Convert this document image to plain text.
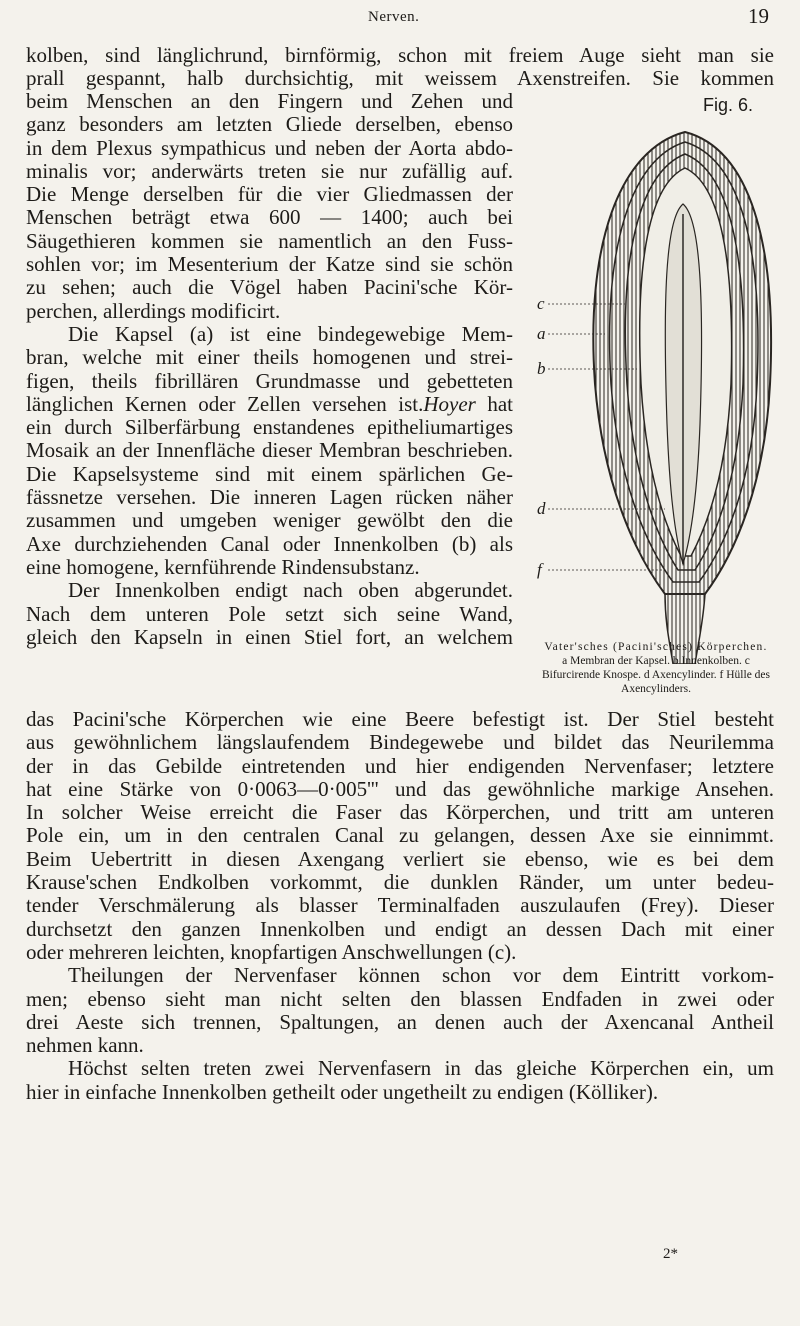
Nerven.	19

kolben, sind länglichrund, birnförmig, schon mit freiem Auge sieht man sie

prall gespannt, halb durchsichtig, mit weissem Axenstreifen. Sie kommen

beim Menschen an den Fingern und Zehen und

ganz besonders am letzten Gliede derselben, ebenso

in dem Plexus sympathicus und neben der Aorta abdo-

minalis vor; anderwärts treten sie nur zufällig auf.

Die Menge derselben für die vier Gliedmassen der

Menschen beträgt etwa 600 — 1400; auch bei

Säugethieren kommen sie namentlich an den Fuss-

sohlen vor; im Mesenterium der Katze sind sie schön

zu sehen; auch die Vögel haben Pacini'sche Kör-

perchen, allerdings modificirt.

Die Kapsel (a) ist eine bindegewebige Mem-

bran, welche mit einer theils homogenen und strei-

figen, theils fibrillären Grundmasse und gebetteten

länglichen Kernen oder Zellen versehen ist.Hoyer hat

ein durch Silberfärbung enstandenes epitheliumartiges

Mosaik an der Innenfläche dieser Membran beschrieben.

Die Kapselsysteme sind mit einem spärlichen Ge-

fässnetze versehen. Die inneren Lagen rücken näher

zusammen und umgeben weniger gewölbt den die

Axe durchziehenden Canal oder Innenkolben (b) als

eine homogene, kernführende Rindensubstanz.

Der Innenkolben endigt nach oben abgerundet.

Nach dem unteren Pole setzt sich seine Wand,

gleich den Kapseln in einen Stiel fort, an welchem

Fig. 6.
c
a
b
d
f
Vater'sches (Pacini'sches) Körperchen.
a Membran der Kapsel. b Innenkolben. c Bifurcirende Knospe. d Axencylinder. f Hülle des Axencylinders.

das Pacini'sche Körperchen wie eine Beere befestigt ist. Der Stiel besteht

aus gewöhnlichem längslaufendem Bindegewebe und bildet das Neurilemma

der in das Gebilde eintretenden und hier endigenden Nervenfaser; letztere

hat eine Stärke von 0·0063—0·005''' und das gewöhnliche markige Ansehen.

In solcher Weise erreicht die Faser das Körperchen, und tritt am unteren

Pole ein, um in den centralen Canal zu gelangen, dessen Axe sie einnimmt.

Beim Uebertritt in diesen Axengang verliert sie ebenso, wie es bei dem

Krause'schen Endkolben vorkommt, die dunklen Ränder, um unter bedeu-

tender Verschmälerung als blasser Terminalfaden auszulaufen (Frey). Dieser

durchsetzt den ganzen Innenkolben und endigt an dessen Dach mit einer

oder mehreren leichten, knopfartigen Anschwellungen (c).

Theilungen der Nervenfaser können schon vor dem Eintritt vorkom-

men; ebenso sieht man nicht selten den blassen Endfaden in zwei oder

drei Aeste sich trennen, Spaltungen, an denen auch der Axencanal Antheil

nehmen kann.

Höchst selten treten zwei Nervenfasern in das gleiche Körperchen ein, um

hier in einfache Innenkolben getheilt oder ungetheilt zu endigen (Kölliker).

2*
